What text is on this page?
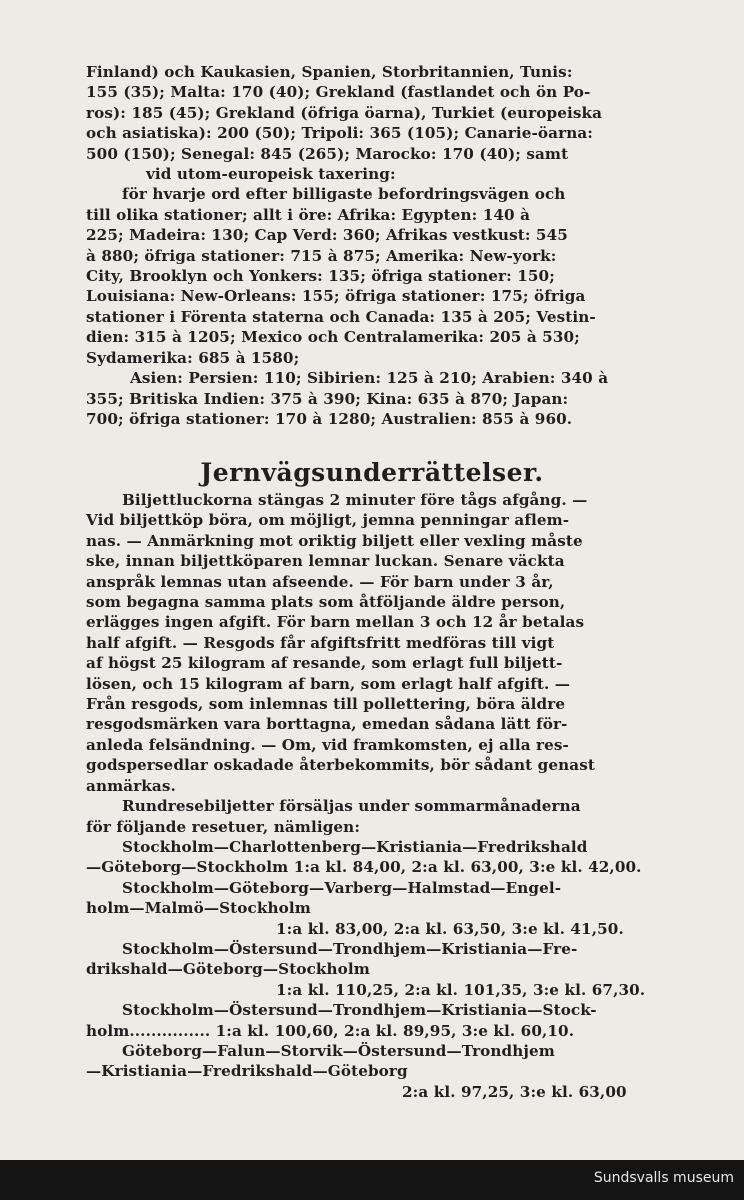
Finland) och Kaukasien, Spanien, Storbritannien, Tunis:
155 (35); Malta: 170 (40); Grekland (fastlandet och ön Po-
ros): 185 (45); Grekland (öfriga öarna), Turkiet (europeiska
och asiatiska): 200 (50); Tripoli: 365 (105); Canarie-öarna:
500 (150); Senegal: 845 (265); Marocko: 170 (40); samt
vid utom-europeisk taxering:
för hvarje ord efter billigaste befordringsvägen och
till olika stationer; allt i öre: Afrika: Egypten: 140 à
225; Madeira: 130; Cap Verd: 360; Afrikas vestkust: 545
à 880; öfriga stationer: 715 à 875; Amerika: New-york:
City, Brooklyn och Yonkers: 135; öfriga stationer: 150;
Louisiana: New-Orleans: 155; öfriga stationer: 175; öfriga
stationer i Förenta staterna och Canada: 135 à 205; Vestin-
dien: 315 à 1205; Mexico och Centralamerika: 205 à 530;
Sydamerika: 685 à 1580;
Asien: Persien: 110; Sibirien: 125 à 210; Arabien: 340 à
355; Britiska Indien: 375 à 390; Kina: 635 à 870; Japan:
700; öfriga stationer: 170 à 1280; Australien: 855 à 960.

Jernvägsunderrättelser.

Biljettluckorna stängas 2 minuter före tågs afgång. —
Vid biljettköp böra, om möjligt, jemna penningar aflem-
nas. — Anmärkning mot oriktig biljett eller vexling måste
ske, innan biljettköparen lemnar luckan. Senare väckta
anspråk lemnas utan afseende. — För barn under 3 år,
som begagna samma plats som åtföljande äldre person,
erlägges ingen afgift. För barn mellan 3 och 12 år betalas
half afgift. — Resgods får afgiftsfritt medföras till vigt
af högst 25 kilogram af resande, som erlagt full biljett-
lösen, och 15 kilogram af barn, som erlagt half afgift. —
Från resgods, som inlemnas till pollettering, böra äldre
resgodsmärken vara borttagna, emedan sådana lätt för-
anleda felsändning. — Om, vid framkomsten, ej alla res-
godspersedlar oskadade återbekommits, bör sådant genast
anmärkas.
Rundresebiljetter försäljas under sommarmånaderna
för följande resetuer, nämligen:
Stockholm—Charlottenberg—Kristiania—Fredrikshald
—Göteborg—Stockholm 1:a kl. 84,00, 2:a kl. 63,00, 3:e kl. 42,00.
Stockholm—Göteborg—Varberg—Halmstad—Engel-
holm—Malmö—Stockholm
1:a kl. 83,00, 2:a kl. 63,50, 3:e kl. 41,50.
Stockholm—Östersund—Trondhjem—Kristiania—Fre-
drikshald—Göteborg—Stockholm
1:a kl. 110,25, 2:a kl. 101,35, 3:e kl. 67,30.
Stockholm—Östersund—Trondhjem—Kristiania—Stock-
holm............... 1:a kl. 100,60, 2:a kl. 89,95, 3:e kl. 60,10.
Göteborg—Falun—Storvik—Östersund—Trondhjem
—Kristiania—Fredrikshald—Göteborg
2:a kl. 97,25, 3:e kl. 63,00

Sundsvalls museum
